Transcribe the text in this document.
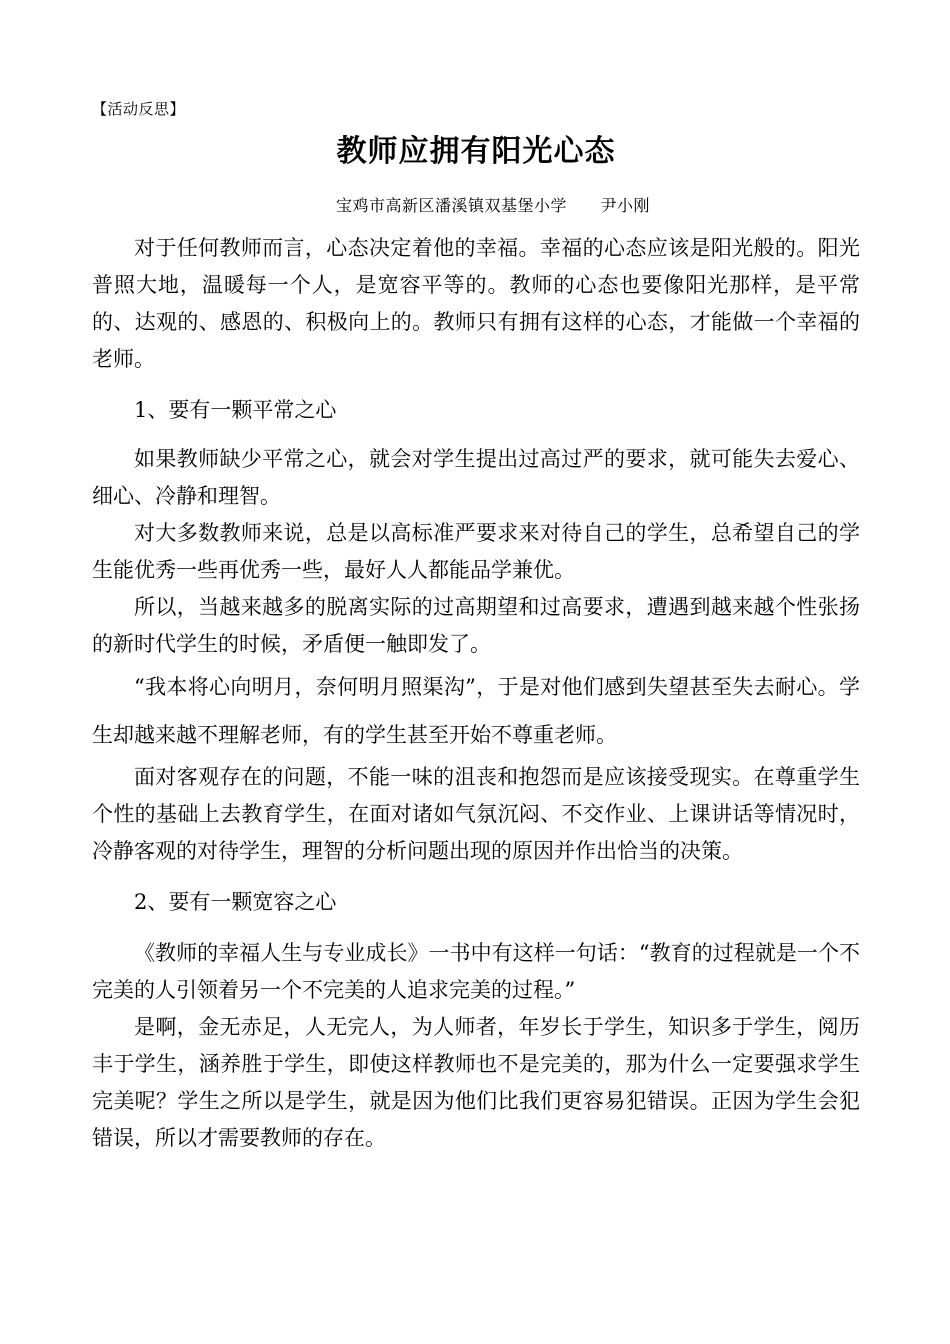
【活动反思】

教师应拥有阳光心态

宝鸡市高新区潘溪镇双基堡小学      尹小刚

对于任何教师而言，心态决定着他的幸福。幸福的心态应该是阳光般的。阳光普照大地，温暖每一个人，是宽容平等的。教师的心态也要像阳光那样，是平常的、达观的、感恩的、积极向上的。教师只有拥有这样的心态，才能做一个幸福的老师。

1、要有一颗平常之心

如果教师缺少平常之心，就会对学生提出过高过严的要求，就可能失去爱心、细心、冷静和理智。

对大多数教师来说，总是以高标准严要求来对待自己的学生，总希望自己的学生能优秀一些再优秀一些，最好人人都能品学兼优。

所以，当越来越多的脱离实际的过高期望和过高要求，遭遇到越来越个性张扬的新时代学生的时候，矛盾便一触即发了。

“我本将心向明月，奈何明月照渠沟”，于是对他们感到失望甚至失去耐心。学生却越来越不理解老师，有的学生甚至开始不尊重老师。

面对客观存在的问题，不能一味的沮丧和抱怨而是应该接受现实。在尊重学生个性的基础上去教育学生，在面对诸如气氛沉闷、不交作业、上课讲话等情况时，冷静客观的对待学生，理智的分析问题出现的原因并作出恰当的决策。

2、要有一颗宽容之心

《教师的幸福人生与专业成长》一书中有这样一句话：“教育的过程就是一个不完美的人引领着另一个不完美的人追求完美的过程。”

是啊，金无赤足，人无完人，为人师者，年岁长于学生，知识多于学生，阅历丰于学生，涵养胜于学生，即使这样教师也不是完美的，那为什么一定要强求学生完美呢？学生之所以是学生，就是因为他们比我们更容易犯错误。正因为学生会犯错误，所以才需要教师的存在。
